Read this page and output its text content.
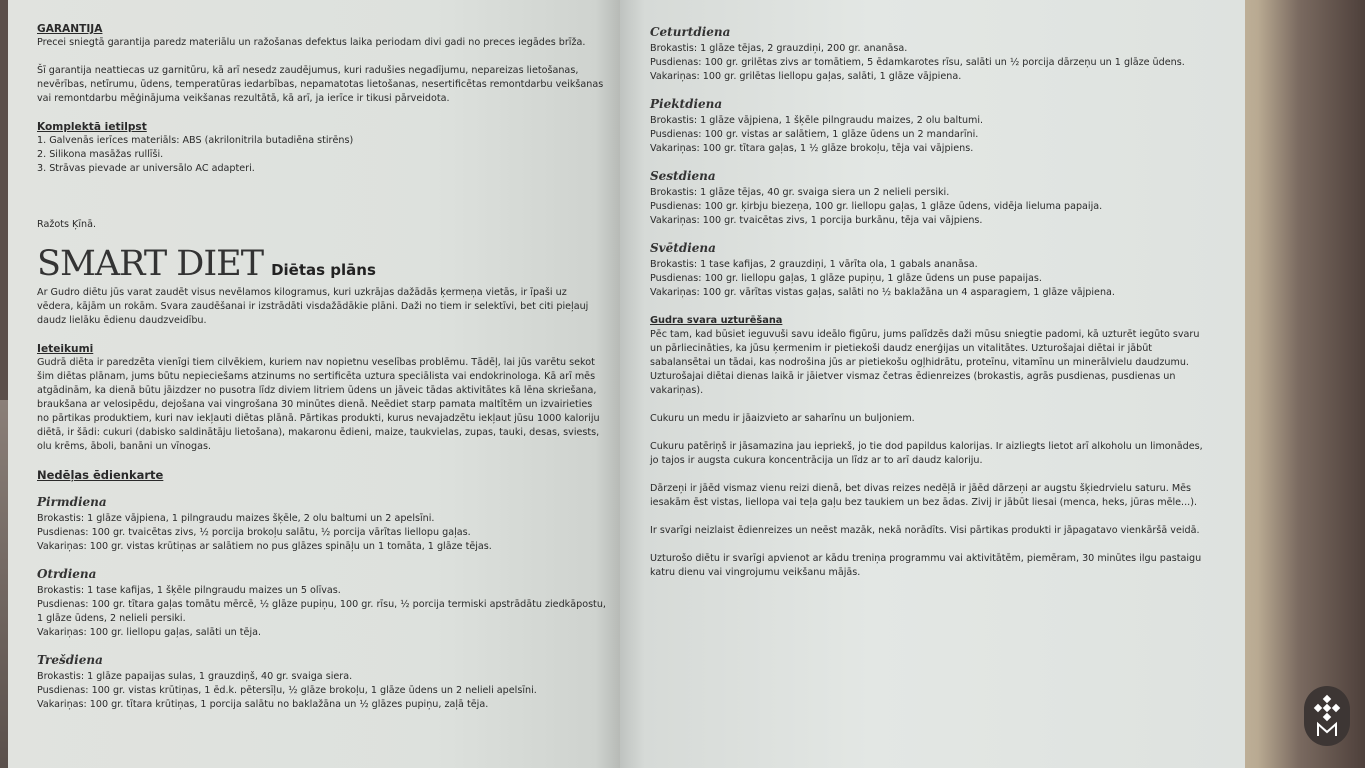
GARANTIJA

Precei sniegtā garantija paredz materiālu un ražošanas defektus laika periodam divi gadi no preces iegādes brīža.

Šī garantija neattiecas uz garnitūru, kā arī nesedz zaudējumus, kuri radušies negadījumu, nepareizas lietošanas, nevērības, netīrumu, ūdens, temperatūras iedarbības, nepamatotas lietošanas, nesertificētas remontdarbu veikšanas vai remontdarbu mēģinājuma veikšanas rezultātā, kā arī, ja ierīce ir tikusi pārveidota.

Komplektā ietilpst

1. Galvenās ierīces materiāls: ABS (akrilonitrila butadiēna stirēns)

2. Silikona masāžas rullīši.

3. Strāvas pievade ar universālo AC adapteri.

Ražots Ķīnā.

SMART DIET Diētas plāns

Ar Gudro diētu jūs varat zaudēt visus nevēlamos kilogramus, kuri uzkrājas dažādās ķermeņa vietās, ir īpaši uz vēdera, kājām un rokām. Svara zaudēšanai ir izstrādāti visdažādākie plāni. Daži no tiem ir selektīvi, bet citi pieļauj daudz lielāku ēdienu daudzveidību.

Ieteikumi

Gudrā diēta ir paredzēta vienīgi tiem cilvēkiem, kuriem nav nopietnu veselības problēmu. Tādēļ, lai jūs varētu sekot šim diētas plānam, jums būtu nepieciešams atzinums no sertificēta uztura speciālista vai endokrinologa. Kā arī mēs atgādinām, ka dienā būtu jāizdzer no pusotra līdz diviem litriem ūdens un jāveic tādas aktivitātes kā lēna skriešana, braukšana ar velosipēdu, dejošana vai vingrošana 30 minūtes dienā. Neēdiet starp pamata maltītēm un izvairieties no pārtikas produktiem, kuri nav iekļauti diētas plānā. Pārtikas produkti, kurus nevajadzētu iekļaut jūsu 1000 kaloriju diētā, ir šādi: cukuri (dabisko saldinātāju lietošana), makaronu ēdieni, maize, taukvielas, zupas, tauki, desas, sviests, olu krēms, āboli, banāni un vīnogas.

Nedēļas ēdienkarte

Pirmdiena

Brokastis: 1 glāze vājpiena, 1 pilngraudu maizes šķēle, 2 olu baltumi un 2 apelsīni.

Pusdienas: 100 gr. tvaicētas zivs, ½ porcija brokoļu salātu, ½ porcija vārītas liellopu gaļas.

Vakariņas: 100 gr. vistas krūtiņas ar salātiem no pus glāzes spināļu un 1 tomāta, 1 glāze tējas.

Otrdiena

Brokastis: 1 tase kafijas, 1 šķēle pilngraudu maizes un 5 olīvas.

Pusdienas: 100 gr. tītara gaļas tomātu mērcē, ½ glāze pupiņu, 100 gr. rīsu, ½ porcija termiski apstrādātu ziedkāpostu, 1 glāze ūdens, 2 nelieli persiki.

Vakariņas: 100 gr. liellopu gaļas, salāti un tēja.

Trešdiena

Brokastis: 1 glāze papaijas sulas, 1 grauzdiņš, 40 gr. svaiga siera.

Pusdienas: 100 gr. vistas krūtiņas, 1 ēd.k. pētersīļu, ½ glāze brokoļu, 1 glāze ūdens un 2 nelieli apelsīni.

Vakariņas: 100 gr. tītara krūtiņas, 1 porcija salātu no baklažāna un ½ glāzes pupiņu, zaļā tēja.

Ceturtdiena

Brokastis: 1 glāze tējas, 2 grauzdiņi, 200 gr. ananāsa.

Pusdienas: 100 gr. grilētas zivs ar tomātiem, 5 ēdamkarotes rīsu, salāti un ½ porcija dārzeņu un 1 glāze ūdens.

Vakariņas: 100 gr. grilētas liellopu gaļas, salāti, 1 glāze vājpiena.

Piektdiena

Brokastis: 1 glāze vājpiena, 1 šķēle pilngraudu maizes, 2 olu baltumi.

Pusdienas: 100 gr. vistas ar salātiem, 1 glāze ūdens un 2 mandarīni.

Vakariņas: 100 gr. tītara gaļas, 1 ½ glāze brokoļu, tēja vai vājpiens.

Sestdiena

Brokastis: 1 glāze tējas, 40 gr. svaiga siera un 2 nelieli persiki.

Pusdienas: 100 gr. ķirbju biezeņa, 100 gr. liellopu gaļas, 1 glāze ūdens, vidēja lieluma papaija.

Vakariņas: 100 gr. tvaicētas zivs, 1 porcija burkānu, tēja vai vājpiens.

Svētdiena

Brokastis: 1 tase kafijas, 2 grauzdiņi, 1 vārīta ola, 1 gabals ananāsa.

Pusdienas: 100 gr. liellopu gaļas, 1 glāze pupiņu, 1 glāze ūdens un puse papaijas.

Vakariņas: 100 gr. vārītas vistas gaļas, salāti no ½ baklažāna un 4 asparagiem, 1 glāze vājpiena.

Gudra svara uzturēšana

Pēc tam, kad būsiet ieguvuši savu ideālo figūru, jums palīdzēs daži mūsu sniegtie padomi, kā uzturēt iegūto svaru un pārliecināties, ka jūsu ķermenim ir pietiekoši daudz enerģijas un vitalitātes. Uzturošajai diētai ir jābūt sabalansētai un tādai, kas nodrošina jūs ar pietiekošu ogļhidrātu, proteīnu, vitamīnu un minerālvielu daudzumu. Uzturošajai diētai dienas laikā ir jāietver vismaz četras ēdienreizes (brokastis, agrās pusdienas, pusdienas un vakariņas).

Cukuru un medu ir jāaizvieto ar saharīnu un buljoniem.

Cukuru patēriņš ir jāsamazina jau iepriekš, jo tie dod papildus kalorijas. Ir aizliegts lietot arī alkoholu un limonādes, jo tajos ir augsta cukura koncentrācija un līdz ar to arī daudz kaloriju.

Dārzeņi ir jāēd vismaz vienu reizi dienā, bet divas reizes nedēļā ir jāēd dārzeņi ar augstu šķiedrvielu saturu. Mēs iesakām ēst vistas, liellopa vai teļa gaļu bez taukiem un bez ādas. Zivij ir jābūt liesai (menca, heks, jūras mēle...).

Ir svarīgi neizlaist ēdienreizes un neēst mazāk, nekā norādīts. Visi pārtikas produkti ir jāpagatavo vienkāršā veidā.

Uzturošo diētu ir svarīgi apvienot ar kādu treniņa programmu vai aktivitātēm, piemēram, 30 minūtes ilgu pastaigu katru dienu vai vingrojumu veikšanu mājās.
